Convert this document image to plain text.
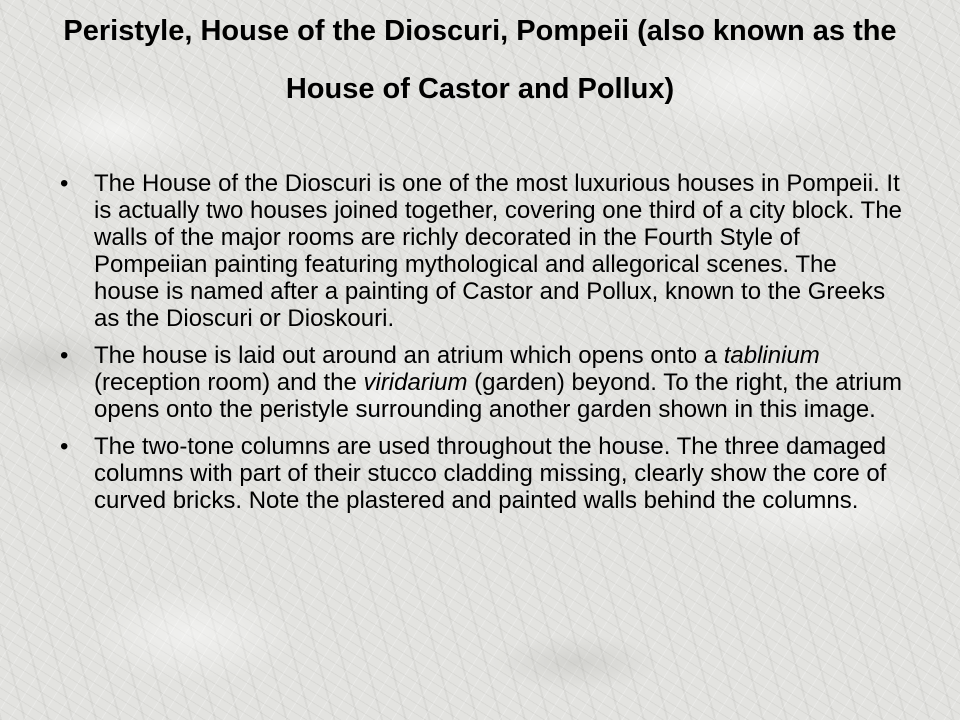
Peristyle, House of the Dioscuri, Pompeii (also known as the House of Castor and Pollux)
• The House of the Dioscuri is one of the most luxurious houses in Pompeii. It is actually two houses joined together, covering one third of a city block. The walls of the major rooms are richly decorated in the Fourth Style of Pompeiian painting featuring mythological and allegorical scenes. The house is named after a painting of Castor and Pollux, known to the Greeks as the Dioscuri or Dioskouri.
• The house is laid out around an atrium which opens onto a tablinium (reception room) and the viridarium (garden) beyond. To the right, the atrium opens onto the peristyle surrounding another garden shown in this image.
• The two-tone columns are used throughout the house. The three damaged columns with part of their stucco cladding missing, clearly show the core of curved bricks. Note the plastered and painted walls behind the columns.
